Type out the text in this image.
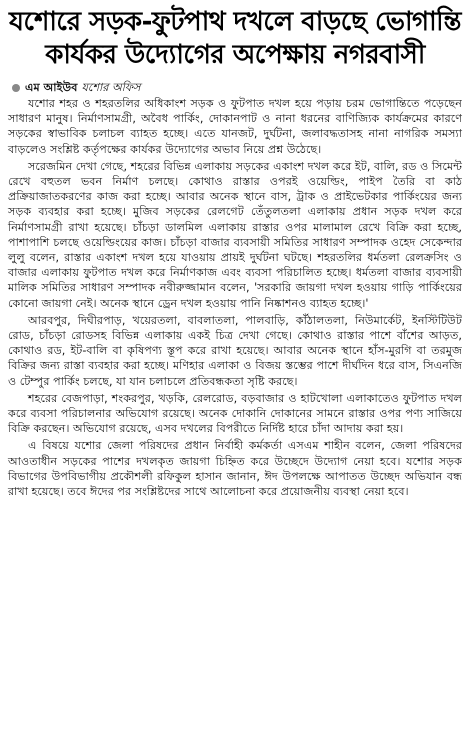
যশোরে সড়ক-ফুটপাথ দখলে বাড়ছে ভোগান্তি
কার্যকর উদ্যোগের অপেক্ষায় নগরবাসী
এম আইউব যশোর অফিস

যশোর শহর ও শহরতলির অধিকাংশ সড়ক ও ফুটপাত দখল হয়ে পড়ায় চরম ভোগান্তিতে পড়েছেন সাধারণ মানুষ। নির্মাণসামগ্রী, অবৈধ পার্কিং, দোকানপাট ও নানা ধরনের বাণিজ্যিক কার্যক্রমের কারণে সড়কের স্বাভাবিক চলাচল ব্যাহত হচ্ছে। এতে যানজট, দুর্ঘটনা, জলাবদ্ধতাসহ নানা নাগরিক সমস্যা বাড়লেও সংশ্লিষ্ট কর্তৃপক্ষের কার্যকর উদ্যোগের অভাব নিয়ে প্রশ্ন উঠেছে।

সরেজমিন দেখা গেছে, শহরের বিভিন্ন এলাকায় সড়কের একাংশ দখল করে ইট, বালি, রড ও সিমেন্ট রেখে বহুতল ভবন নির্মাণ চলছে। কোথাও রাস্তার ওপরই ওয়েল্ডিং, পাইপ তৈরি বা কাঠ প্রক্রিয়াজাতকরণের কাজ করা হচ্ছে। আবার অনেক স্থানে বাস, ট্রাক ও প্রাইভেটকার পার্কিংয়ের জন্য সড়ক ব্যবহার করা হচ্ছে। মুজিব সড়কের রেলগেট তেঁতুলতলা এলাকায় প্রধান সড়ক দখল করে নির্মাণসামগ্রী রাখা হয়েছে। চাঁচড়া ডালমিল এলাকায় রাস্তার ওপর মালামাল রেখে বিক্রি করা হচ্ছে, পাশাপাশি চলছে ওয়েল্ডিংয়ের কাজ। চাঁচড়া বাজার ব্যবসায়ী সমিতির সাধারণ সম্পাদক ওহেদ সেকেন্দার লুলু বলেন, রাস্তার একাংশ দখল হয়ে যাওয়ায় প্রায়ই দুর্ঘটনা ঘটছে। শহরতলির ধর্মতলা রেলক্রসিং ও বাজার এলাকায় ফুটপাত দখল করে নির্মাণকাজ এবং ব্যবসা পরিচালিত হচ্ছে। ধর্মতলা বাজার ব্যবসায়ী মালিক সমিতির সাধারণ সম্পাদক নবীরুজ্জামান বলেন, 'সরকারি জায়গা দখল হওয়ায় গাড়ি পার্কিংয়ের কোনো জায়গা নেই। অনেক স্থানে ড্রেন দখল হওয়ায় পানি নিষ্কাশনও ব্যাহত হচ্ছে।'

আরবপুর, দিঘীরপাড়, খয়েরতলা, বাবলাতলা, পালবাড়ি, কাঁঠালতলা, নিউমার্কেট, ইনস্টিটিউট রোড, চাঁচড়া রোডসহ বিভিন্ন এলাকায় একই চিত্র দেখা গেছে। কোথাও রাস্তার পাশে বাঁশের আড়ত, কোথাও রড, ইট-বালি বা কৃষিপণ্য স্তূপ করে রাখা হয়েছে। আবার অনেক স্থানে হাঁস-মুরগি বা তরমুজ বিক্রির জন্য রাস্তা ব্যবহার করা হচ্ছে। মণিহার এলাকা ও বিজয় স্তম্ভের পাশে দীর্ঘদিন ধরে বাস, সিএনজি ও টেম্পুর পার্কিং চলছে, যা যান চলাচলে প্রতিবন্ধকতা সৃষ্টি করছে।

শহরের বেজপাড়া, শংকরপুর, খড়কি, রেলরোড, বড়বাজার ও হাটখোলা এলাকাতেও ফুটপাত দখল করে ব্যবসা পরিচালনার অভিযোগ রয়েছে। অনেক দোকানি দোকানের সামনে রাস্তার ওপর পণ্য সাজিয়ে বিক্রি করছেন। অভিযোগ রয়েছে, এসব দখলের বিপরীতে নির্দিষ্ট হারে চাঁদা আদায় করা হয়।

এ বিষয়ে যশোর জেলা পরিষদের প্রধান নির্বাহী কর্মকর্তা এসএম শাহীন বলেন, জেলা পরিষদের আওতাধীন সড়কের পাশের দখলকৃত জায়গা চিহ্নিত করে উচ্ছেদে উদ্যোগ নেয়া হবে। যশোর সড়ক বিভাগের উপবিভাগীয় প্রকৌশলী রফিকুল হাসান জানান, ঈদ উপলক্ষে আপাতত উচ্ছেদ অভিযান বন্ধ রাখা হয়েছে। তবে ঈদের পর সংশ্লিষ্টদের সাথে আলোচনা করে প্রয়োজনীয় ব্যবস্থা নেয়া হবে।
